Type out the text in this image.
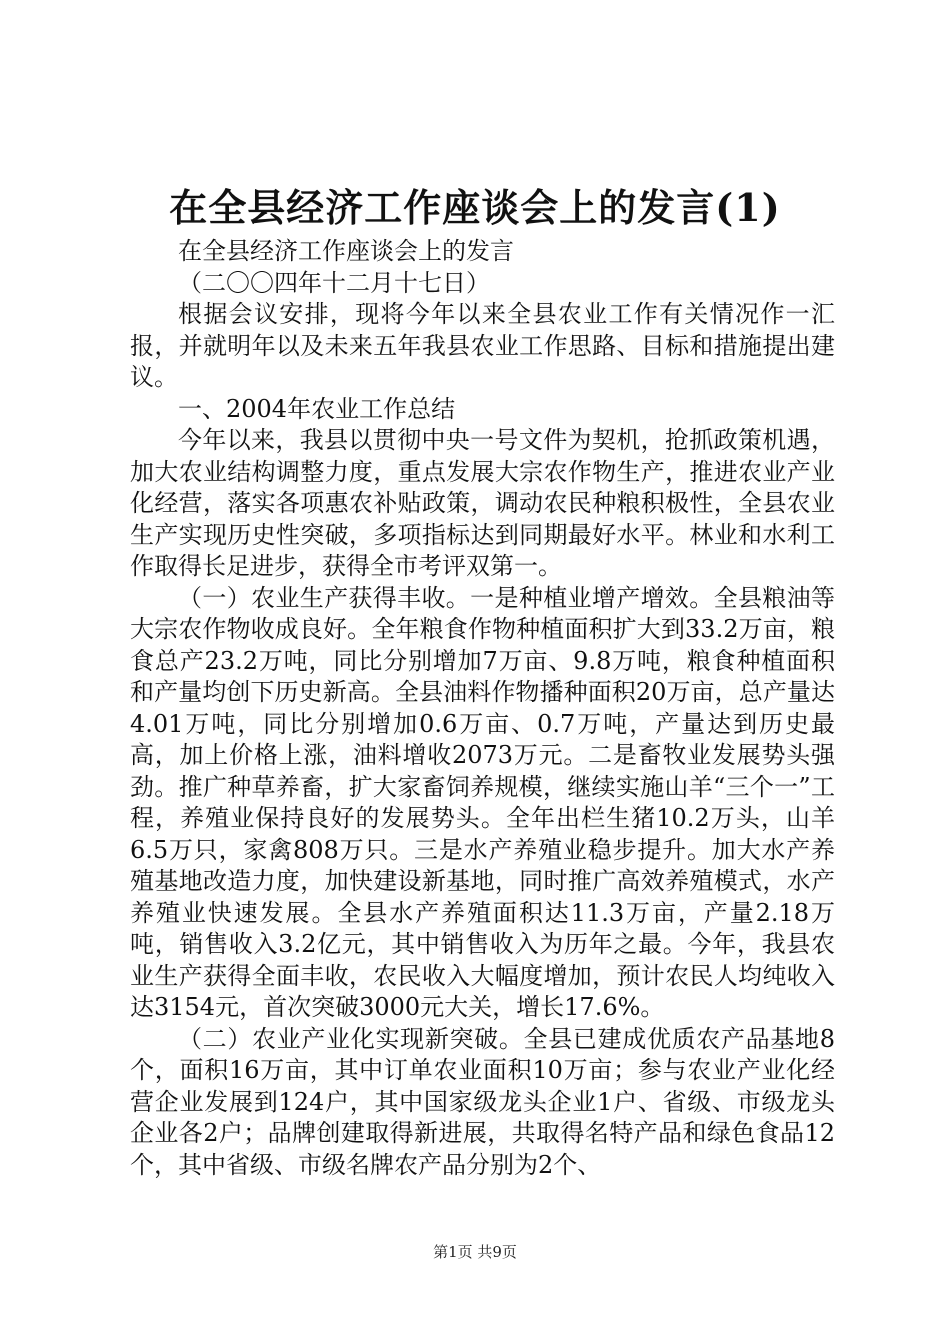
在全县经济工作座谈会上的发言(1)

在全县经济工作座谈会上的发言

（二〇〇四年十二月十七日）

根据会议安排，现将今年以来全县农业工作有关情况作一汇报，并就明年以及未来五年我县农业工作思路、目标和措施提出建议。

一、2004年农业工作总结

今年以来，我县以贯彻中央一号文件为契机，抢抓政策机遇，加大农业结构调整力度，重点发展大宗农作物生产，推进农业产业化经营，落实各项惠农补贴政策，调动农民种粮积极性，全县农业生产实现历史性突破，多项指标达到同期最好水平。林业和水利工作取得长足进步，获得全市考评双第一。

（一）农业生产获得丰收。一是种植业增产增效。全县粮油等大宗农作物收成良好。全年粮食作物种植面积扩大到33.2万亩，粮食总产23.2万吨，同比分别增加7万亩、9.8万吨，粮食种植面积和产量均创下历史新高。全县油料作物播种面积20万亩，总产量达4.01万吨，同比分别增加0.6万亩、0.7万吨，产量达到历史最高，加上价格上涨，油料增收2073万元。二是畜牧业发展势头强劲。推广种草养畜，扩大家畜饲养规模，继续实施山羊“三个一”工程，养殖业保持良好的发展势头。全年出栏生猪10.2万头，山羊6.5万只，家禽808万只。三是水产养殖业稳步提升。加大水产养殖基地改造力度，加快建设新基地，同时推广高效养殖模式，水产养殖业快速发展。全县水产养殖面积达11.3万亩，产量2.18万吨，销售收入3.2亿元，其中销售收入为历年之最。今年，我县农业生产获得全面丰收，农民收入大幅度增加，预计农民人均纯收入达3154元，首次突破3000元大关，增长17.6%。

（二）农业产业化实现新突破。全县已建成优质农产品基地8个，面积16万亩，其中订单农业面积10万亩；参与农业产业化经营企业发展到124户，其中国家级龙头企业1户、省级、市级龙头企业各2户；品牌创建取得新进展，共取得名特产品和绿色食品12个，其中省级、市级名牌农产品分别为2个、

第1页 共9页
